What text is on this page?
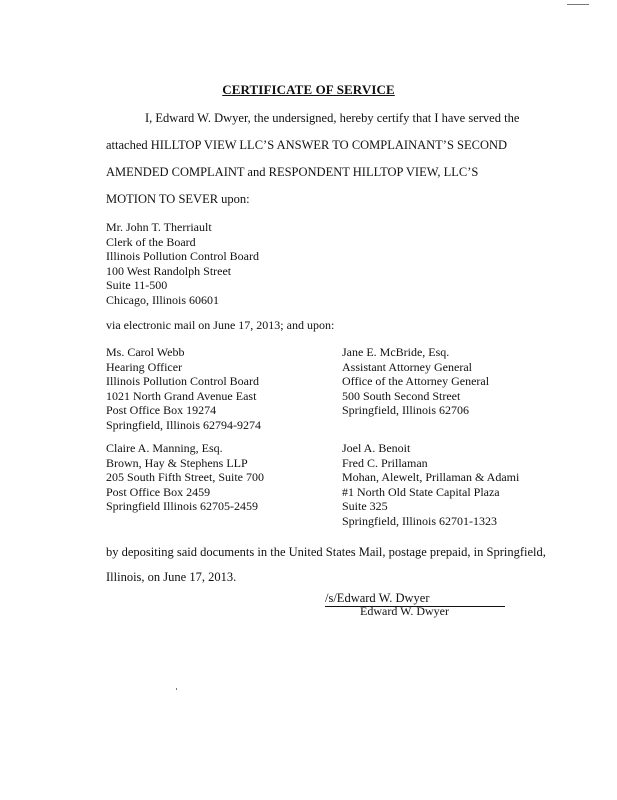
CERTIFICATE OF SERVICE
I, Edward W. Dwyer, the undersigned, hereby certify that I have served the
attached HILLTOP VIEW LLC’S ANSWER TO COMPLAINANT’S SECOND
AMENDED COMPLAINT and RESPONDENT HILLTOP VIEW, LLC’S
MOTION TO SEVER upon:
Mr. John T. Therriault
Clerk of the Board
Illinois Pollution Control Board
100 West Randolph Street
Suite 11-500
Chicago, Illinois 60601
via electronic mail on June 17, 2013; and upon:
Ms. Carol Webb
Hearing Officer
Illinois Pollution Control Board
1021 North Grand Avenue East
Post Office Box 19274
Springfield, Illinois 62794-9274
Jane E. McBride, Esq.
Assistant Attorney General
Office of the Attorney General
500 South Second Street
Springfield, Illinois 62706
Claire A. Manning, Esq.
Brown, Hay & Stephens LLP
205 South Fifth Street, Suite 700
Post Office Box 2459
Springfield Illinois 62705-2459
Joel A. Benoit
Fred C. Prillaman
Mohan, Alewelt, Prillaman & Adami
#1 North Old State Capital Plaza
Suite 325
Springfield, Illinois 62701-1323
by depositing said documents in the United States Mail, postage prepaid, in Springfield,
Illinois, on June 17, 2013.
/s/Edward W. Dwyer
Edward W. Dwyer
